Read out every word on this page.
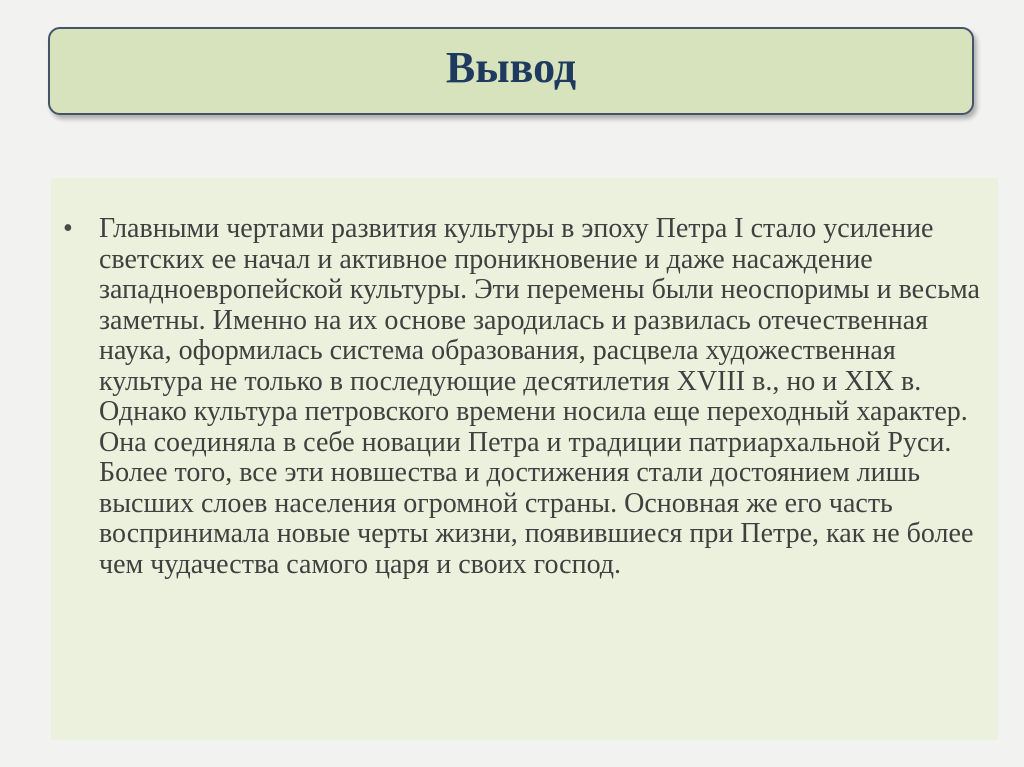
Вывод
• Главными чертами развития культуры в эпоху Петра I стало усиление светских ее начал и активное проникновение и даже насаждение западноевропейской культуры. Эти перемены были неоспоримы и весьма заметны. Именно на их основе зародилась и развилась отечественная наука, оформилась система образования, расцвела художественная культура не только в последующие десятилетия XVIII в., но и XIX в. Однако культура петровского времени носила еще переходный характер. Она соединяла в себе новации Петра и традиции патриархальной Руси. Более того, все эти новшества и достижения стали достоянием лишь высших слоев населения огромной страны. Основная же его часть воспринимала новые черты жизни, появившиеся при Петре, как не более чем чудачества самого царя и своих господ.
